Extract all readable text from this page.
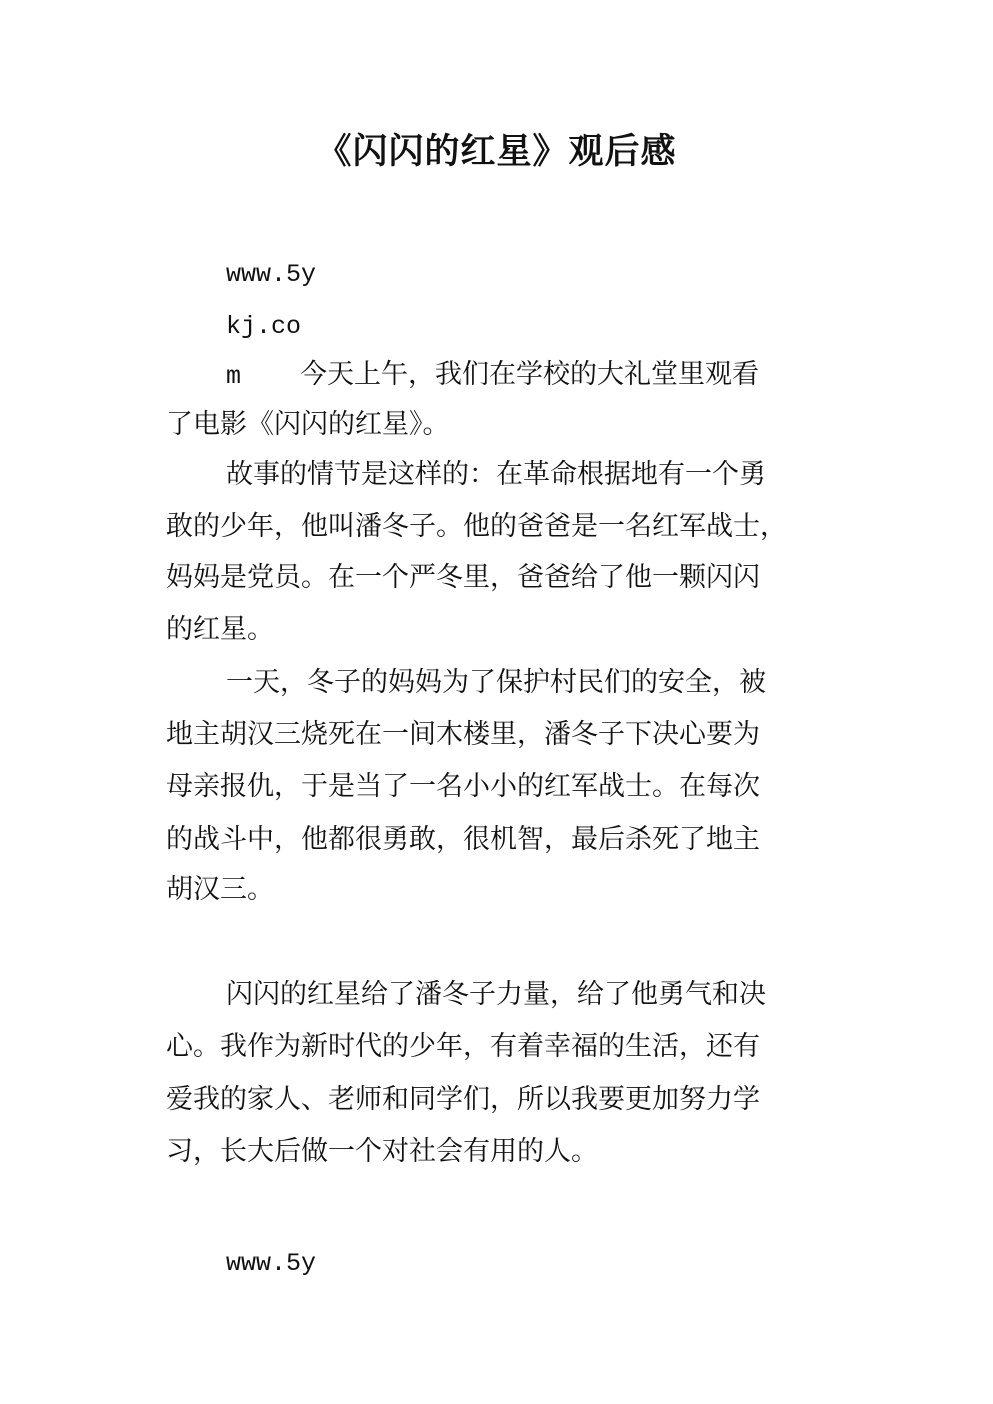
《闪闪的红星》观后感
www.5y
kj.co
m 今天上午，我们在学校的大礼堂里观看
了电影《闪闪的红星》。
故事的情节是这样的：在革命根据地有一个勇
敢的少年，他叫潘冬子。他的爸爸是一名红军战士，
妈妈是党员。在一个严冬里，爸爸给了他一颗闪闪
的红星。
一天，冬子的妈妈为了保护村民们的安全，被
地主胡汉三烧死在一间木楼里，潘冬子下决心要为
母亲报仇，于是当了一名小小的红军战士。在每次
的战斗中，他都很勇敢，很机智，最后杀死了地主
胡汉三。
闪闪的红星给了潘冬子力量，给了他勇气和决
心。我作为新时代的少年，有着幸福的生活，还有
爱我的家人、老师和同学们，所以我要更加努力学
习，长大后做一个对社会有用的人。
www.5y
